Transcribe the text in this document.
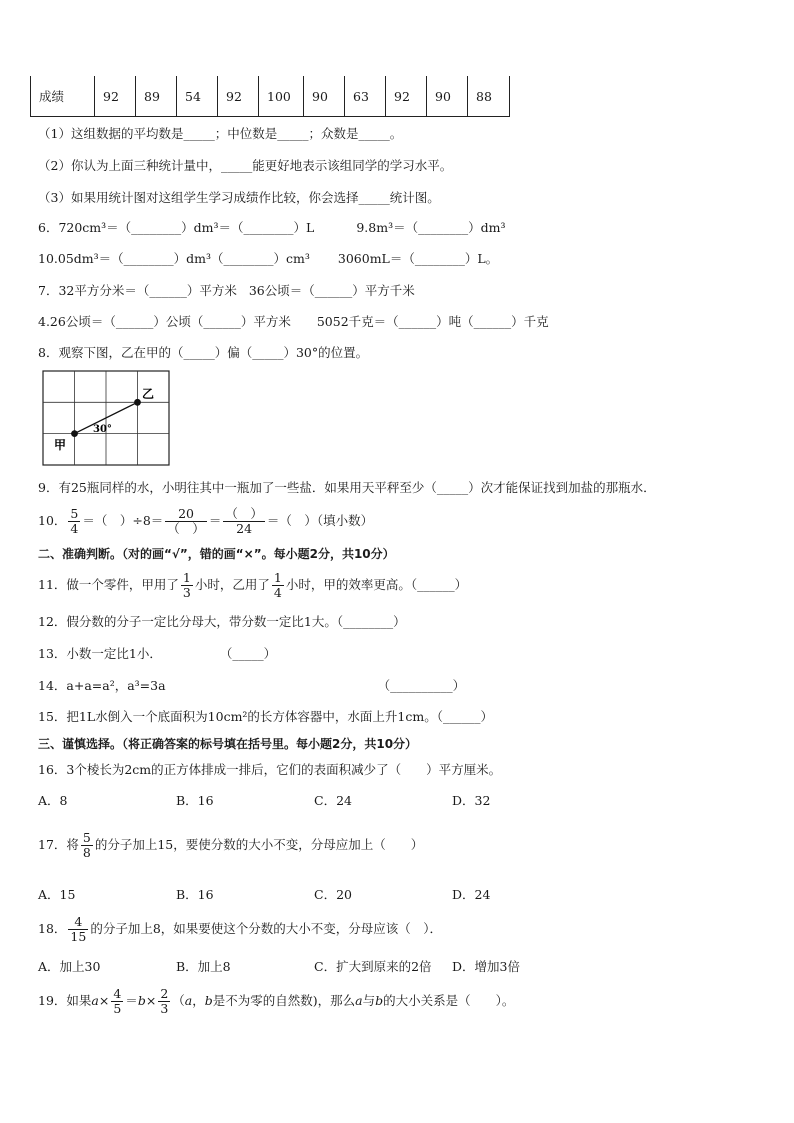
成绩	92	89	54	92	100	90	63	92	90	88
（1）这组数据的平均数是_____；中位数是_____；众数是_____。
（2）你认为上面三种统计量中，_____能更好地表示该组同学的学习水平。
（3）如果用统计图对这组学生学习成绩作比较，你会选择_____统计图。
6．720cm³＝（________）dm³＝（________）L	9.8m³＝（________）dm³
10.05dm³＝（________）dm³（________）cm³ 3060mL＝（________）L。
7．32平方分米＝（______）平方米 36公顷＝（______）平方千米
4.26公顷＝（______）公顷（______）平方米 5052千克＝（______）吨（______）千克
8．观察下图，乙在甲的（_____）偏（_____）30°的位置。
甲
乙
30°
9．有25瓶同样的水，小明往其中一瓶加了一些盐．如果用天平秤至少（_____）次才能保证找到加盐的那瓶水．
10． $\frac{5}{4}$ ＝（　）$\div 8= \frac{20}{( )} = \frac{( )}{24}$ ＝（　）（填小数）
二、准确判断。（对的画“√”，错的画“×”。每小题2分，共10分）
11．做一个零件，甲用了 $\frac{1}{3}$ 小时，乙用了 $\frac{1}{4}$ 小时，甲的效率更高。（______）
12．假分数的分子一定比分母大，带分数一定比1大。（________）
13．小数一定比1小．	（_____）
14．a+a=a²，a³=3a	（__________）
15．把1L水倒入一个底面积为10cm²的长方体容器中，水面上升1cm。（______）
三、谨慎选择。（将正确答案的标号填在括号里。每小题2分，共10分）
16．3个棱长为2cm的正方体排成一排后，它们的表面积减少了（　　）平方厘米。
A．8	B．16	C．24	D．32
17．将 $\frac{5}{8}$ 的分子加上15，要使分数的大小不变，分母应加上（　　）
A．15	B．16	C．20	D．24
18． $\frac{4}{15}$ 的分子加上8，如果要使这个分数的大小不变，分母应该（　）．
A．加上30	B．加上8	C．扩大到原来的2倍 D．增加3倍
19．如果$a\times \frac{4}{5} =b\times \frac{2}{3} (a$，b是不为零的自然数)，那么a与b的大小关系是（　　）。
